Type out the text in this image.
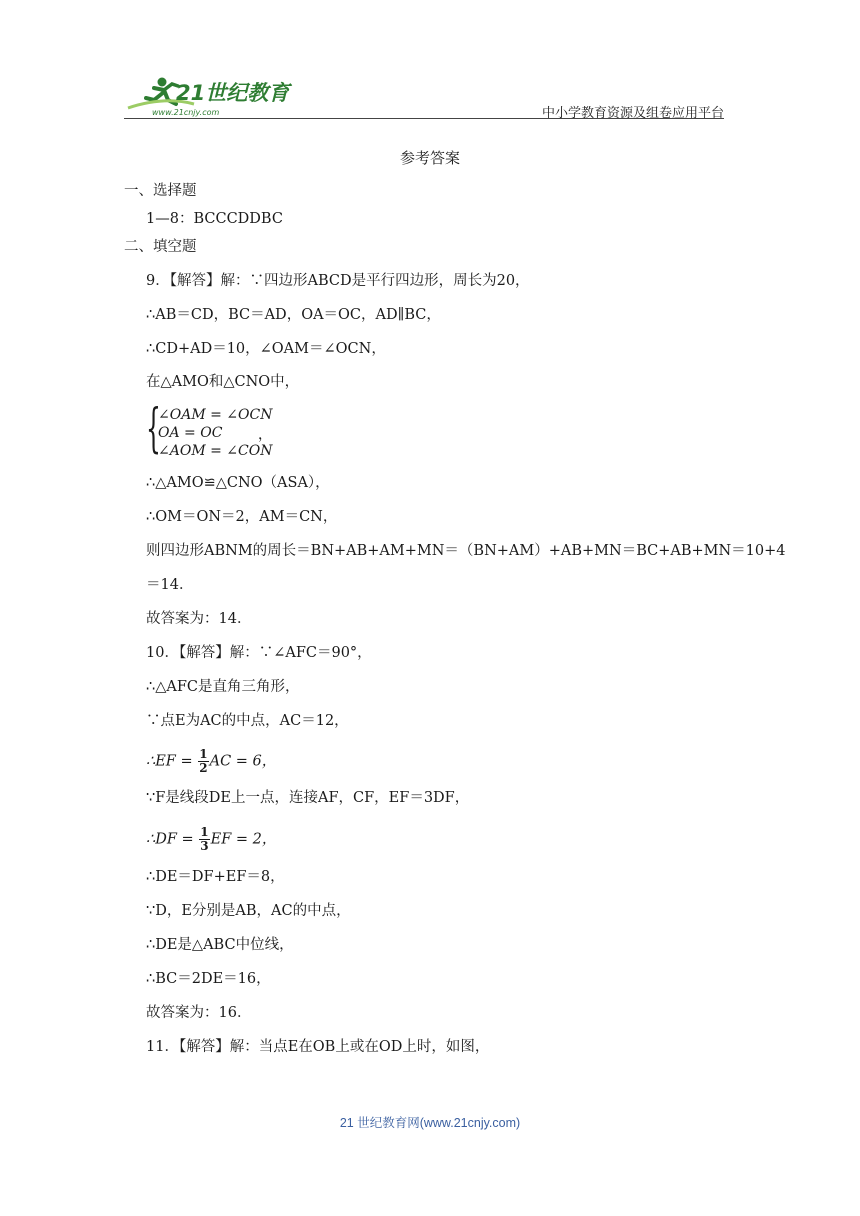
21世纪教育
www.21cnjy.com	中小学教育资源及组卷应用平台
参考答案
一、选择题
1—8：BCCCDDBC
二、填空题
9．【解答】解：∵四边形ABCD是平行四边形，周长为20，
∴AB＝CD，BC＝AD，OA＝OC，AD∥BC，
∴CD+AD＝10，∠OAM＝∠OCN，
在△AMO和△CNO中，
{
∠OAM = ∠OCN
OA = OC
∠AOM = ∠CON
，
∴△AMO≌△CNO（ASA），
∴OM＝ON＝2，AM＝CN，
则四边形ABNM的周长＝BN+AB+AM+MN＝（BN+AM）+AB+MN＝BC+AB+MN＝10+4
＝14．
故答案为：14．
10．【解答】解：∵∠AFC＝90°，
∴△AFC是直角三角形，
∵点E为AC的中点，AC＝12，
∴EF = $\frac{1}{2}$ AC = 6，
∵F是线段DE上一点，连接AF，CF，EF＝3DF，
∴DF = $\frac{1}{3}$ EF = 2，
∴DE＝DF+EF＝8，
∵D，E分别是AB，AC的中点，
∴DE是△ABC中位线，
∴BC＝2DE＝16，
故答案为：16．
11．【解答】解：当点E在OB上或在OD上时，如图，
21 世纪教育网(www.21cnjy.com)
